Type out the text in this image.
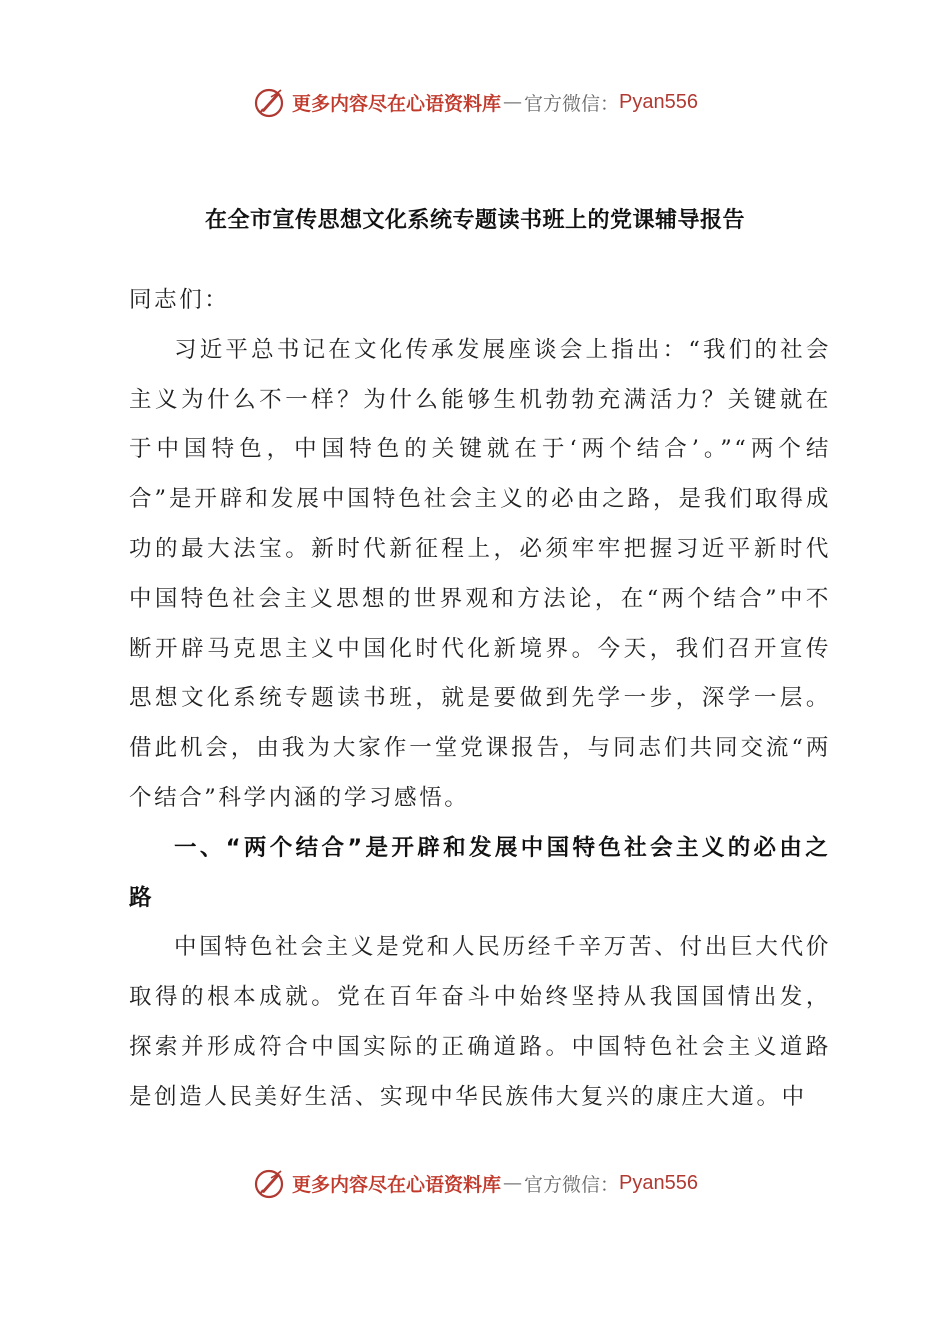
更多内容尽在心语资料库 — 官方微信： Pyan556
在全市宣传思想文化系统专题读书班上的党课辅导报告

同志们：

习近平总书记在文化传承发展座谈会上指出：“我们的社会主义为什么不一样？为什么能够生机勃勃充满活力？关键就在于中国特色，中国特色的关键就在于‘两个结合’。”“两个结合”是开辟和发展中国特色社会主义的必由之路，是我们取得成功的最大法宝。新时代新征程上，必须牢牢把握习近平新时代中国特色社会主义思想的世界观和方法论，在“两个结合”中不断开辟马克思主义中国化时代化新境界。今天，我们召开宣传思想文化系统专题读书班，就是要做到先学一步，深学一层。借此机会，由我为大家作一堂党课报告，与同志们共同交流“两个结合”科学内涵的学习感悟。

一、“两个结合”是开辟和发展中国特色社会主义的必由之路

中国特色社会主义是党和人民历经千辛万苦、付出巨大代价取得的根本成就。党在百年奋斗中始终坚持从我国国情出发，探索并形成符合中国实际的正确道路。中国特色社会主义道路是创造人民美好生活、实现中华民族伟大复兴的康庄大道。中

更多内容尽在心语资料库 — 官方微信： Pyan556
